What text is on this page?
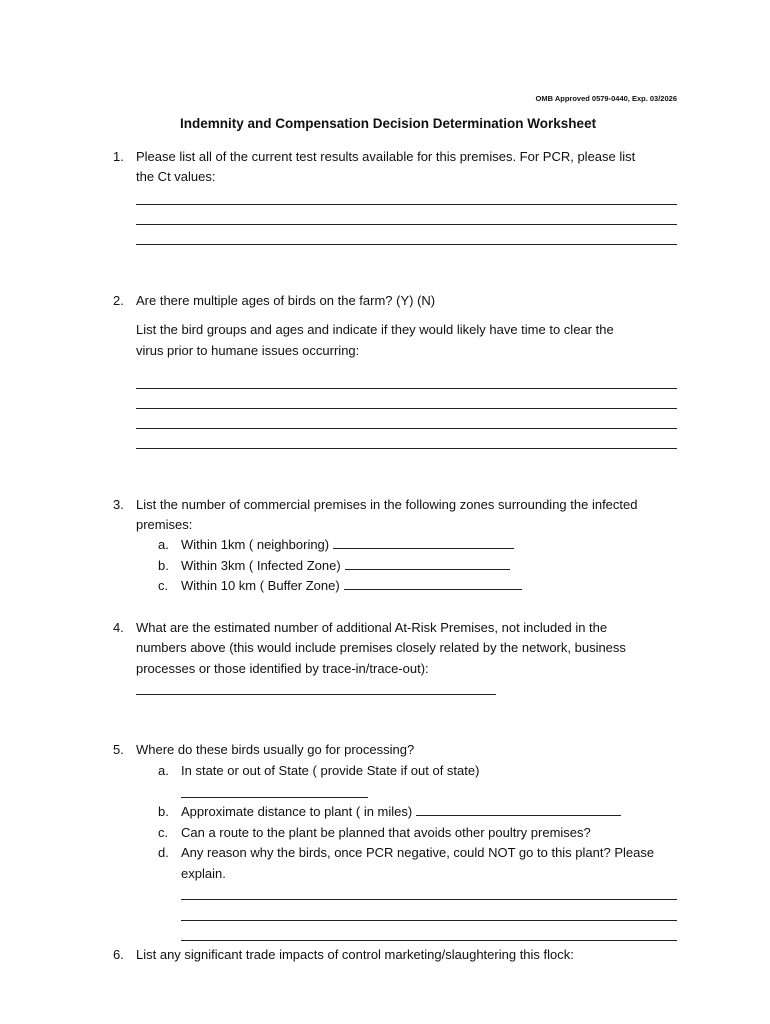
OMB Approved 0579-0440, Exp. 03/2026
Indemnity and Compensation Decision Determination Worksheet
1. Please list all of the current test results available for this premises. For PCR, please list
the Ct values:
2. Are there multiple ages of birds on the farm? (Y) (N)
List the bird groups and ages and indicate if they would likely have time to clear the
virus prior to humane issues occurring:
3. List the number of commercial premises in the following zones surrounding the infected
premises:
a. Within 1km ( neighboring)
b. Within 3km ( Infected Zone)
c. Within 10 km ( Buffer Zone)
4. What are the estimated number of additional At-Risk Premises, not included in the
numbers above (this would include premises closely related by the network, business
processes or those identified by trace-in/trace-out):
5. Where do these birds usually go for processing?
a. In state or out of State ( provide State if out of state)
b. Approximate distance to plant ( in miles)
c. Can a route to the plant be planned that avoids other poultry premises?
d. Any reason why the birds, once PCR negative, could NOT go to this plant? Please
explain.
6. List any significant trade impacts of control marketing/slaughtering this flock:
